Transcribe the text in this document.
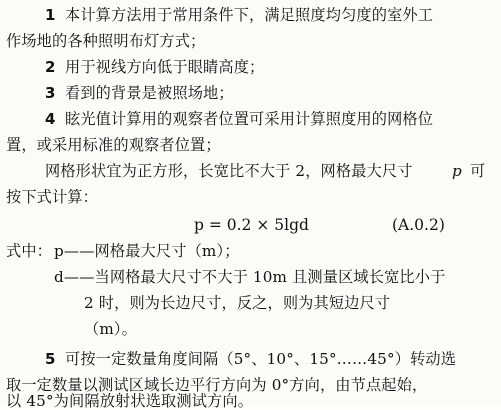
1 本计算方法用于常用条件下，满足照度均匀度的室外工
作场地的各种照明布灯方式；
2 用于视线方向低于眼睛高度；
3 看到的背景是被照场地；
4 眩光值计算用的观察者位置可采用计算照度用的网格位
置，或采用标准的观察者位置；
网格形状宜为正方形，长宽比不大于 2，网格最大尺寸	p 可
按下式计算：
p = 0.2 × 5lgd	(A.0.2)
式中： p——网格最大尺寸（m）；
d——当网格最大尺寸不大于 10m 且测量区域长宽比小于
2 时，则为长边尺寸，反之，则为其短边尺寸
（m）。
5 可按一定数量角度间隔（5°、10°、15°……45°）转动选
取一定数量以测试区域长边平行方向为 0°方向，由节点起始，
以 45°为间隔放射状选取测试方向。
